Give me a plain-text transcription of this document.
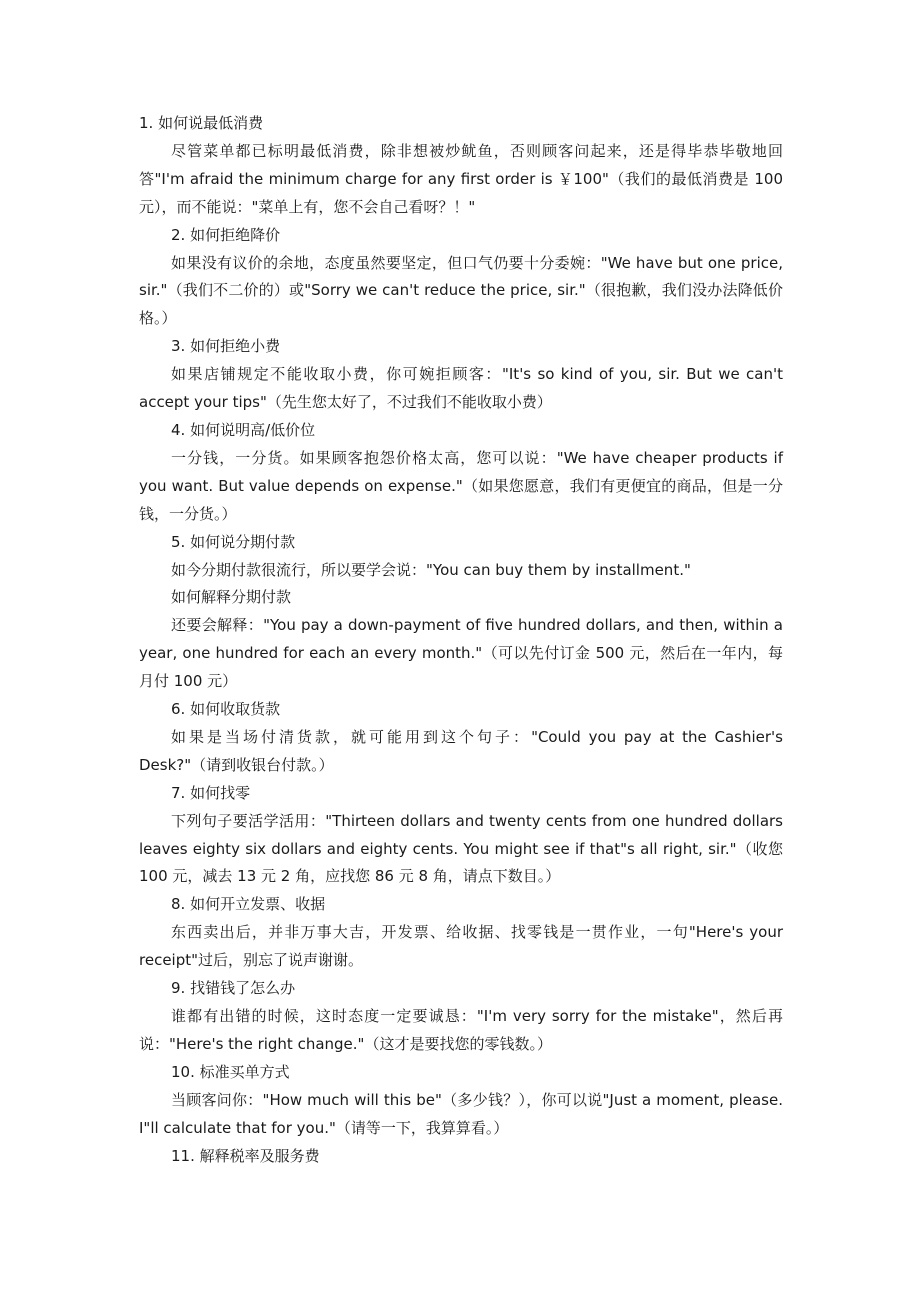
1. 如何说最低消费

尽管菜单都已标明最低消费，除非想被炒鱿鱼，否则顾客问起来，还是得毕恭毕敬地回答"I'm afraid the minimum charge for any first order is ￥100"（我们的最低消费是 100 元），而不能说："菜单上有，您不会自己看呀？！"

2. 如何拒绝降价

如果没有议价的余地，态度虽然要坚定，但口气仍要十分委婉："We have but one price, sir."（我们不二价的）或"Sorry we can't reduce the price, sir."（很抱歉，我们没办法降低价格。）

3. 如何拒绝小费

如果店铺规定不能收取小费，你可婉拒顾客："It's so kind of you, sir. But we can't accept your tips"（先生您太好了，不过我们不能收取小费）

4. 如何说明高/低价位

一分钱，一分货。如果顾客抱怨价格太高，您可以说："We have cheaper products if you want. But value depends on expense."（如果您愿意，我们有更便宜的商品，但是一分钱，一分货。）

5. 如何说分期付款

如今分期付款很流行，所以要学会说："You can buy them by installment."

如何解释分期付款

还要会解释："You pay a down-payment of five hundred dollars, and then, within a year, one hundred for each an every month."（可以先付订金 500 元，然后在一年内，每月付 100 元）

6. 如何收取货款

如果是当场付清货款，就可能用到这个句子："Could you pay at the Cashier's Desk?"（请到收银台付款。）

7. 如何找零

下列句子要活学活用："Thirteen dollars and twenty cents from one hundred dollars leaves eighty six dollars and eighty cents. You might see if that"s all right, sir."（收您 100 元，减去 13 元 2 角，应找您 86 元 8 角，请点下数目。）

8. 如何开立发票、收据

东西卖出后，并非万事大吉，开发票、给收据、找零钱是一贯作业，一句"Here's your receipt"过后，别忘了说声谢谢。

9. 找错钱了怎么办

谁都有出错的时候，这时态度一定要诚恳："I'm very sorry for the mistake"，然后再说："Here's the right change."（这才是要找您的零钱数。）

10. 标准买单方式

当顾客问你："How much will this be"（多少钱？），你可以说"Just a moment, please. I"ll calculate that for you."（请等一下，我算算看。）

11. 解释税率及服务费
